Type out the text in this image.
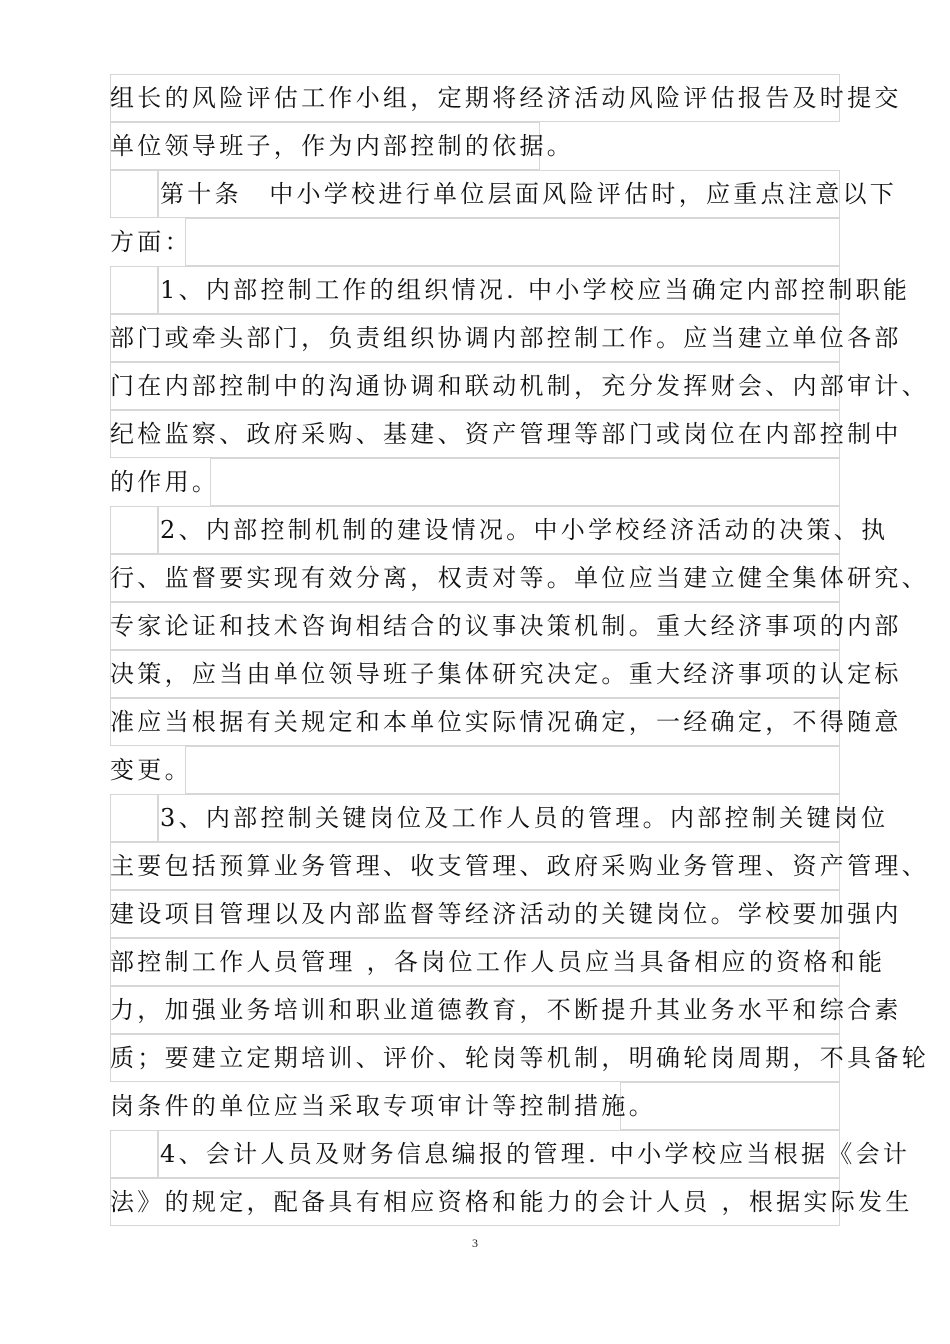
组长的风险评估工作小组，定期将经济活动风险评估报告及时提交
单位领导班子，作为内部控制的依据。
第十条　中小学校进行单位层面风险评估时，应重点注意以下
方面：
1、内部控制工作的组织情况. 中小学校应当确定内部控制职能
部门或牵头部门，负责组织协调内部控制工作。应当建立单位各部
门在内部控制中的沟通协调和联动机制，充分发挥财会、内部审计、
纪检监察、政府采购、基建、资产管理等部门或岗位在内部控制中
的作用。
2、内部控制机制的建设情况。中小学校经济活动的决策、执
行、监督要实现有效分离，权责对等。单位应当建立健全集体研究、
专家论证和技术咨询相结合的议事决策机制。重大经济事项的内部
决策，应当由单位领导班子集体研究决定。重大经济事项的认定标
准应当根据有关规定和本单位实际情况确定，一经确定，不得随意
变更。
3、内部控制关键岗位及工作人员的管理。内部控制关键岗位
主要包括预算业务管理、收支管理、政府采购业务管理、资产管理、
建设项目管理以及内部监督等经济活动的关键岗位。学校要加强内
部控制工作人员管理 ，各岗位工作人员应当具备相应的资格和能
力，加强业务培训和职业道德教育，不断提升其业务水平和综合素
质；要建立定期培训、评价、轮岗等机制，明确轮岗周期，不具备轮
岗条件的单位应当采取专项审计等控制措施。
4、会计人员及财务信息编报的管理. 中小学校应当根据《会计
法》的规定，配备具有相应资格和能力的会计人员 ，根据实际发生
3
